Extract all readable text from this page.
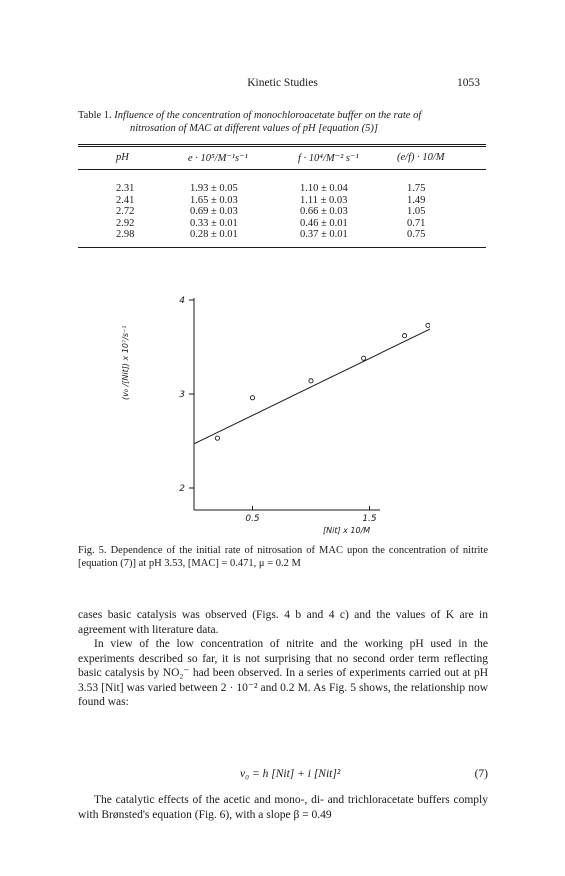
Kinetic Studies	1053
Table 1. Influence of the concentration of monochloroacetate buffer on the rate of
nitrosation of MAC at different values of pH [equation (5)]
pH	e · 10⁵/M⁻¹s⁻¹	f · 10⁴/M⁻² s⁻¹	(e/f) · 10/M
2.31	1.93 ± 0.05	1.10 ± 0.04	1.75
2.41	1.65 ± 0.03	1.11 ± 0.03	1.49
2.72	0.69 ± 0.03	0.66 ± 0.03	1.05
2.92	0.33 ± 0.01	0.46 ± 0.01	0.71
2.98	0.28 ± 0.01	0.37 ± 0.01	0.75
2
3
4
0.5	1.5
(v₀ /[Nit]) x 10⁷/s⁻¹
[Nit] x 10/M
Fig. 5. Dependence of the initial rate of nitrosation of MAC upon the concentration of nitrite [equation (7)] at pH 3.53, [MAC] = 0.471, μ = 0.2 M
cases basic catalysis was observed (Figs. 4 b and 4 c) and the values of K are in agreement with literature data.
In view of the low concentration of nitrite and the working pH used in the experiments described so far, it is not surprising that no second order term reflecting basic catalysis by NO₂⁻ had been observed. In a series of experiments carried out at pH 3.53 [Nit] was varied between 2 · 10⁻² and 0.2 M. As Fig. 5 shows, the relationship now found was:
v₀ = h [Nit] + i [Nit]²	(7)
The catalytic effects of the acetic and mono-, di- and trichloracetate buffers comply with Brønsted's equation (Fig. 6), with a slope β = 0.49
